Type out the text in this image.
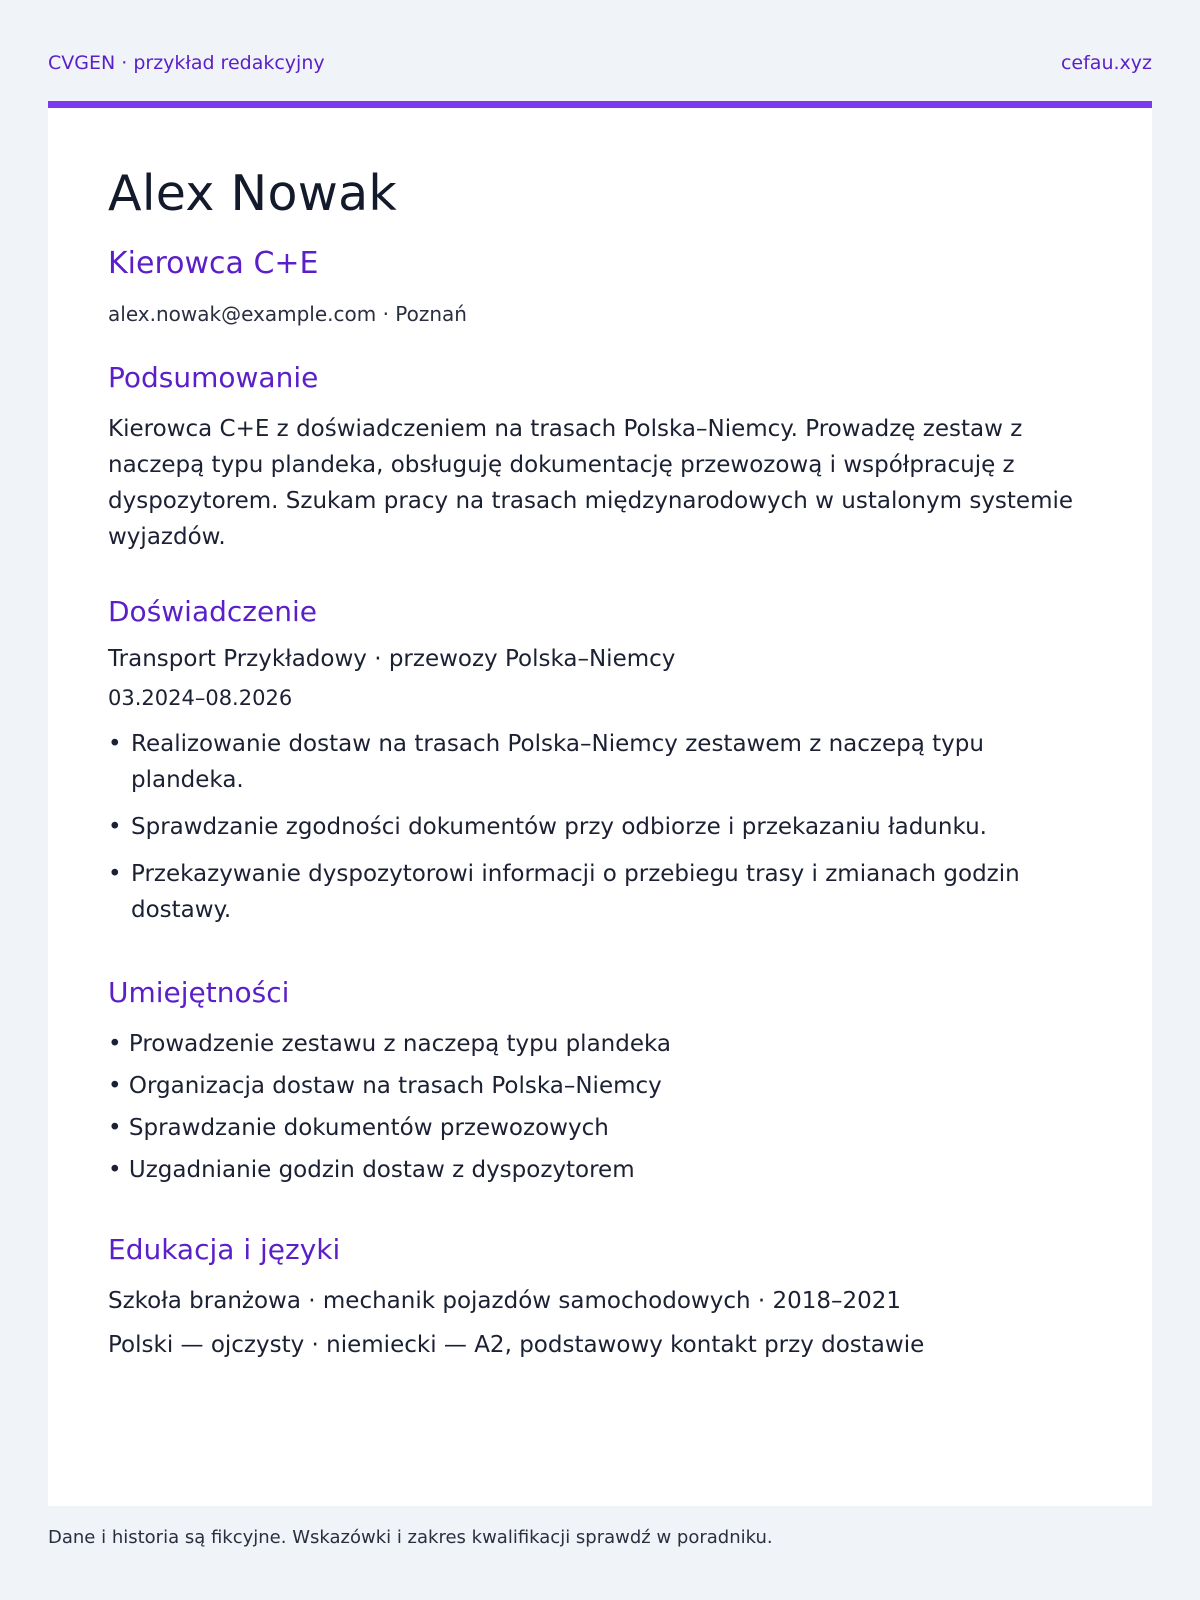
CVGEN · przykład redakcyjny	cefau.xyz
Alex Nowak
Kierowca C+E
alex.nowak@example.com · Poznań
Podsumowanie

Kierowca C+E z doświadczeniem na trasach Polska–Niemcy. Prowadzę zestaw z naczepą typu plandeka, obsługuję dokumentację przewozową i współpracuję z dyspozytorem. Szukam pracy na trasach międzynarodowych w ustalonym systemie wyjazdów.

Doświadczenie
Transport Przykładowy · przewozy Polska–Niemcy
03.2024–08.2026
• Realizowanie dostaw na trasach Polska–Niemcy zestawem z naczepą typu plandeka.
• Sprawdzanie zgodności dokumentów przy odbiorze i przekazaniu ładunku.
• Przekazywanie dyspozytorowi informacji o przebiegu trasy i zmianach godzin dostawy.
Umiejętności
• Prowadzenie zestawu z naczepą typu plandeka
• Organizacja dostaw na trasach Polska–Niemcy
• Sprawdzanie dokumentów przewozowych
• Uzgadnianie godzin dostaw z dyspozytorem
Edukacja i języki
Szkoła branżowa · mechanik pojazdów samochodowych · 2018–2021
Polski — ojczysty · niemiecki — A2, podstawowy kontakt przy dostawie
Dane i historia są fikcyjne. Wskazówki i zakres kwalifikacji sprawdź w poradniku.
